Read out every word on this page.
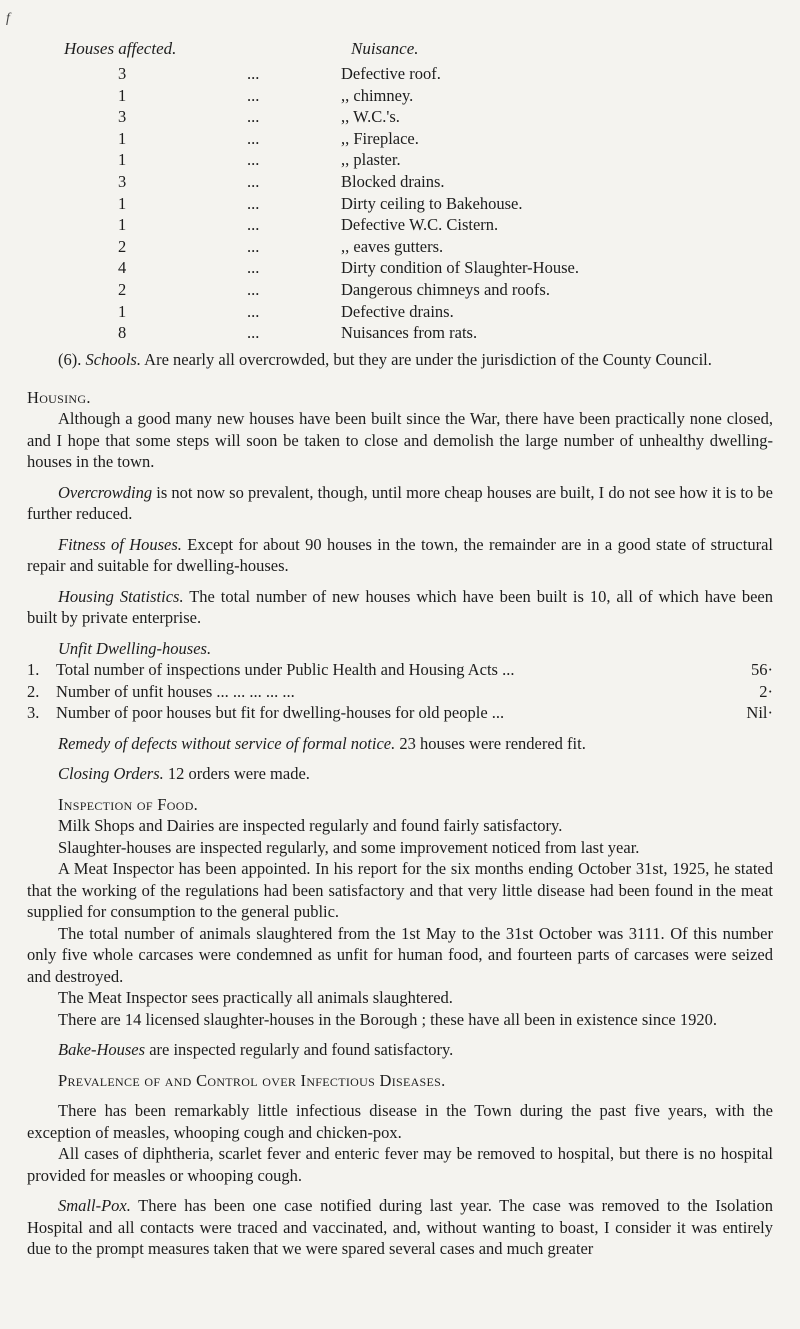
f
Houses affected.	Nuisance.
3	...	Defective roof.
1	...	,, chimney.
3	...	,, W.C.'s.
1	...	,, Fireplace.
1	...	,, plaster.
3	...	Blocked drains.
1	...	Dirty ceiling to Bakehouse.
1	...	Defective W.C. Cistern.
2	...	,, eaves gutters.
4	...	Dirty condition of Slaughter-House.
2	...	Dangerous chimneys and roofs.
1	...	Defective drains.
8	...	Nuisances from rats.

(6). Schools. Are nearly all overcrowded, but they are under the jurisdiction of the County Council.

Housing.

Although a good many new houses have been built since the War, there have been practically none closed, and I hope that some steps will soon be taken to close and demolish the large number of unhealthy dwelling-houses in the town.

Overcrowding is not now so prevalent, though, until more cheap houses are built, I do not see how it is to be further reduced.

Fitness of Houses. Except for about 90 houses in the town, the remainder are in a good state of structural repair and suitable for dwelling-houses.

Housing Statistics. The total number of new houses which have been built is 10, all of which have been built by private enterprise.

Unfit Dwelling-houses.

1. Total number of inspections under Public Health and Housing Acts ...	56·
2. Number of unfit houses ... ... ... ... ...	2·
3. Number of poor houses but fit for dwelling-houses for old people ...	Nil·

Remedy of defects without service of formal notice. 23 houses were rendered fit.

Closing Orders. 12 orders were made.

Inspection of Food.

Milk Shops and Dairies are inspected regularly and found fairly satisfactory.

Slaughter-houses are inspected regularly, and some improvement noticed from last year.

A Meat Inspector has been appointed. In his report for the six months ending October 31st, 1925, he stated that the working of the regulations had been satisfactory and that very little disease had been found in the meat supplied for consumption to the general public.

The total number of animals slaughtered from the 1st May to the 31st October was 3111. Of this number only five whole carcases were condemned as unfit for human food, and fourteen parts of carcases were seized and destroyed.

The Meat Inspector sees practically all animals slaughtered.

There are 14 licensed slaughter-houses in the Borough ; these have all been in existence since 1920.

Bake-Houses are inspected regularly and found satisfactory.

Prevalence of and Control over Infectious Diseases.

There has been remarkably little infectious disease in the Town during the past five years, with the exception of measles, whooping cough and chicken-pox.

All cases of diphtheria, scarlet fever and enteric fever may be removed to hospital, but there is no hospital provided for measles or whooping cough.

Small-Pox. There has been one case notified during last year. The case was removed to the Isolation Hospital and all contacts were traced and vaccinated, and, without wanting to boast, I consider it was entirely due to the prompt measures taken that we were spared several cases and much greater
